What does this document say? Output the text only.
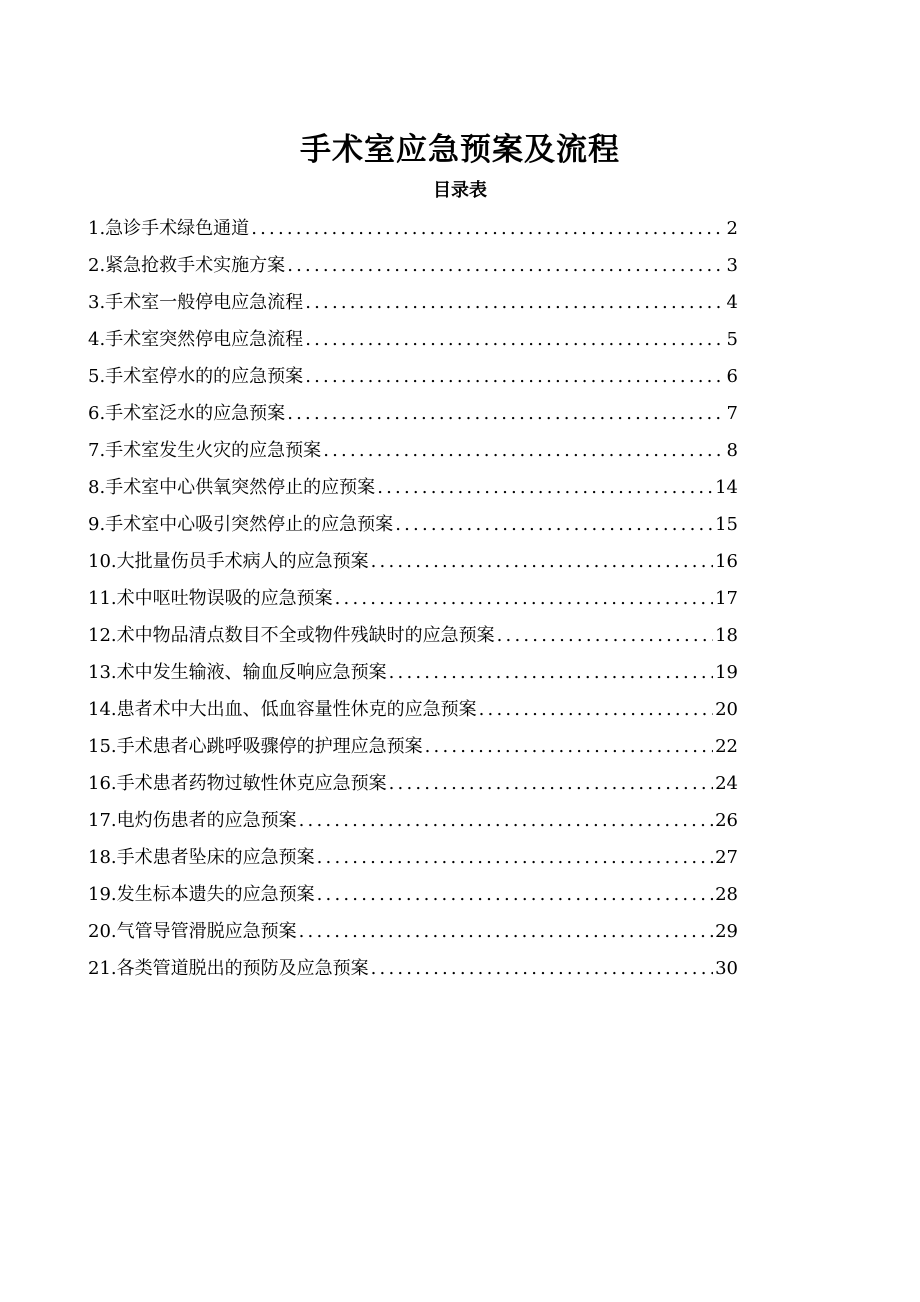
手术室应急预案及流程
目录表
1.急诊手术绿色通道 .....	2
2.紧急抢救手术实施方案 .....	3
3.手术室一般停电应急流程 .....	4
4.手术室突然停电应急流程 .....	5
5.手术室停水的的应急预案 .....	6
6.手术室泛水的应急预案 .....	7
7.手术室发生火灾的应急预案 .....	8
8.手术室中心供氧突然停止的应预案 .....	14
9.手术室中心吸引突然停止的应急预案 .....	15
10.大批量伤员手术病人的应急预案 .....	16
11.术中呕吐物误吸的应急预案 .....	17
12.术中物品清点数目不全或物件残缺时的应急预案 .....	18
13.术中发生输液、输血反响应急预案 .....	19
14.患者术中大出血、低血容量性休克的应急预案 .....	20
15.手术患者心跳呼吸骤停的护理应急预案 .....	22
16.手术患者药物过敏性休克应急预案 .....	24
17.电灼伤患者的应急预案 .....	26
18.手术患者坠床的应急预案 .....	27
19.发生标本遗失的应急预案 .....	28
20.气管导管滑脱应急预案 .....	29
21.各类管道脱出的预防及应急预案 .....	30
